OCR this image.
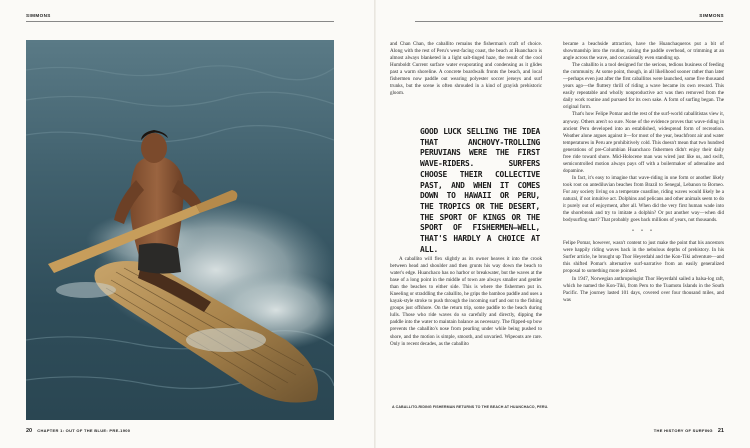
SIMMONS	SIMMONS
A CABALLITO-RIDING FISHERMAN RETURNS TO THE BEACH AT HUANCHACO, PERU.

and Chan Chan, the caballito remains the fisherman's craft of choice. Along with the rest of Peru's west-facing coast, the beach at Huanchaco is almost always blanketed in a light salt-tinged haze, the result of the cool Humboldt Current surface water evaporating and condensing as it glides past a warm shoreline. A concrete boardwalk fronts the beach, and local fishermen now paddle out wearing polyester soccer jerseys and surf trunks, but the scene is often shrouded in a kind of grayish prehistoric gloom.

GOOD LUCK SELLING THE IDEA THAT ANCHOVY-TROLLING PERUVIANS WERE THE FIRST WAVE-RIDERS. SURFERS CHOOSE THEIR COLLECTIVE PAST, AND WHEN IT COMES DOWN TO HAWAII OR PERU, THE TROPICS OR THE DESERT, THE SPORT OF KINGS OR THE SPORT OF FISHERMEN—WELL, THAT'S HARDLY A CHOICE AT ALL.

A caballito will flex slightly as its owner heaves it into the crook between head and shoulder and then grunts his way down the beach to water's edge. Huanchaco has no harbor or breakwater, but the waves at the base of a long point in the middle of town are always smaller and gentler than the beaches to either side. This is where the fishermen put in. Kneeling or straddling the caballito, he grips the bamboo paddle and uses a kayak-style stroke to push through the incoming surf and out to the fishing groups just offshore. On the return trip, some paddle to the beach during lulls. Those who ride waves do so carefully and directly, dipping the paddle into the water to maintain balance as necessary. The flipped-up bow prevents the caballito's nose from pearling under while being pushed to shore, and the motion is simple, smooth, and unvaried. Wipeouts are rare. Only in recent decades, as the caballito

became a beachside attraction, have the Huanchaqueros put a bit of showmanship into the routine, raising the paddle overhead, or trimming at an angle across the wave, and occasionally even standing up.

The caballito is a tool designed for the serious, tedious business of feeding the community. At some point, though, in all likelihood sooner rather than later—perhaps even just after the first caballitos were launched, some five thousand years ago—the fluttery thrill of riding a wave became its own reward. This easily repeatable and wholly nonproductive act was then removed from the daily work routine and pursued for its own sake. A form of surfing began. The original form.

That's how Felipe Pomar and the rest of the surf-world caballitistas view it, anyway. Others aren't so sure. None of the evidence proves that wave-riding in ancient Peru developed into an established, widespread form of recreation. Weather alone argues against it—for most of the year, beachfront air and water temperatures in Peru are prohibitively cold. This doesn't mean that two hundred generations of pre-Columbian Huanchaco fishermen didn't enjoy their daily free ride toward shore. Mid-Holocene man was wired just like us, and swift, semicontrolled motion always pays off with a boilermaker of adrenaline and dopamine.

In fact, it's easy to imagine that wave-riding in one form or another likely took root on antediluvian beaches from Brazil to Senegal, Lebanon to Borneo. For any society living on a temperate coastline, riding waves would likely be a natural, if not intuitive act. Dolphins and pelicans and other animals seem to do it purely out of enjoyment, after all. When did the very first human wade into the shorebreak and try to imitate a dolphin? Or put another way—when did bodysurfing start? That probably goes back millions of years, not thousands.

• • •

Felipe Pomar, however, wasn't content to just make the point that his ancestors were happily riding waves back in the nebulous depths of prehistory. In his Surfer article, he brought up Thor Heyerdahl and the Kon-Tiki adventure—and this shifted Pomar's alternative surf-narrative from an easily generalized proposal to something more pointed.

In 1947, Norwegian anthropologist Thor Heyerdahl sailed a balsa-log raft, which he named the Kon-Tiki, from Peru to the Tuamotu Islands in the South Pacific. The journey lasted 101 days, covered over four thousand miles, and was

20 CHAPTER 1: OUT OF THE BLUE: PRE-1900	THE HISTORY OF SURFING 21
